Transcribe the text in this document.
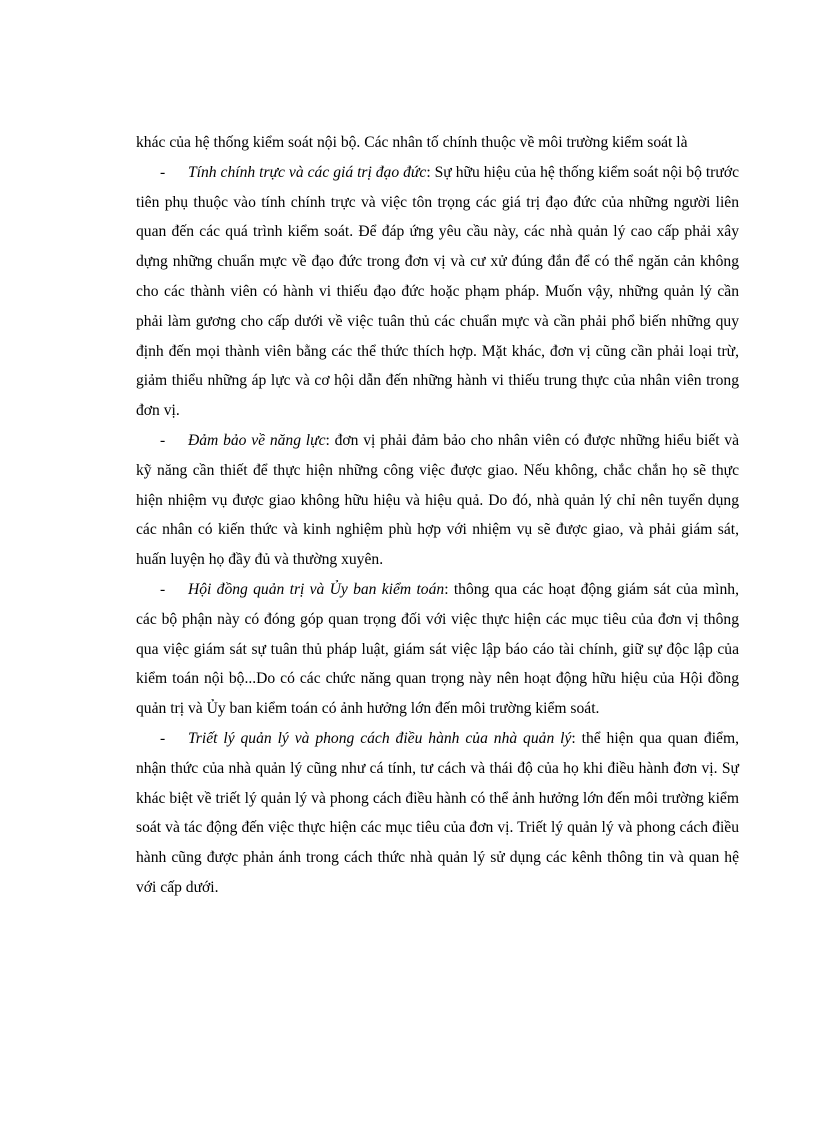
khác của hệ thống kiểm soát nội bộ. Các nhân tố chính thuộc về môi trường kiểm soát là

- Tính chính trực và các giá trị đạo đức: Sự hữu hiệu của hệ thống kiểm soát nội bộ trước tiên phụ thuộc vào tính chính trực và việc tôn trọng các giá trị đạo đức của những người liên quan đến các quá trình kiểm soát. Để đáp ứng yêu cầu này, các nhà quản lý cao cấp phải xây dựng những chuẩn mực về đạo đức trong đơn vị và cư xử đúng đắn để có thể ngăn cản không cho các thành viên có hành vi thiếu đạo đức hoặc phạm pháp. Muốn vậy, những quản lý cần phải làm gương cho cấp dưới về việc tuân thủ các chuẩn mực và cần phải phổ biến những quy định đến mọi thành viên bằng các thể thức thích hợp. Mặt khác, đơn vị cũng cần phải loại trừ, giảm thiểu những áp lực và cơ hội dẫn đến những hành vi thiếu trung thực của nhân viên trong đơn vị.

- Đảm bảo về năng lực: đơn vị phải đảm bảo cho nhân viên có được những hiểu biết và kỹ năng cần thiết để thực hiện những công việc được giao. Nếu không, chắc chắn họ sẽ thực hiện nhiệm vụ được giao không hữu hiệu và hiệu quả. Do đó, nhà quản lý chỉ nên tuyển dụng các nhân có kiến thức và kinh nghiệm phù hợp với nhiệm vụ sẽ được giao, và phải giám sát, huấn luyện họ đầy đủ và thường xuyên.

- Hội đồng quản trị và Ủy ban kiểm toán: thông qua các hoạt động giám sát của mình, các bộ phận này có đóng góp quan trọng đối với việc thực hiện các mục tiêu của đơn vị thông qua việc giám sát sự tuân thủ pháp luật, giám sát việc lập báo cáo tài chính, giữ sự độc lập của kiểm toán nội bộ...Do có các chức năng quan trọng này nên hoạt động hữu hiệu của Hội đồng quản trị và Ủy ban kiểm toán có ảnh hưởng lớn đến môi trường kiểm soát.

- Triết lý quản lý và phong cách điều hành của nhà quản lý: thể hiện qua quan điểm, nhận thức của nhà quản lý cũng như cá tính, tư cách và thái độ của họ khi điều hành đơn vị. Sự khác biệt về triết lý quản lý và phong cách điều hành có thể ảnh hưởng lớn đến môi trường kiểm soát và tác động đến việc thực hiện các mục tiêu của đơn vị. Triết lý quản lý và phong cách điều hành cũng được phản ánh trong cách thức nhà quản lý sử dụng các kênh thông tin và quan hệ với cấp dưới.
